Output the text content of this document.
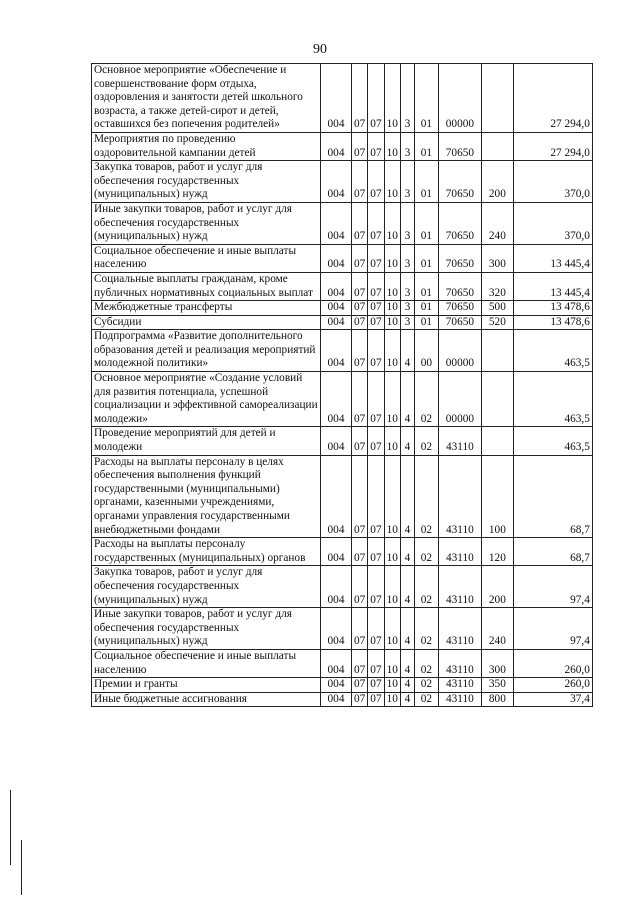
90
Основное мероприятие «Обеспечение и совершенствование форм отдыха, оздоровления и занятости детей школьного возраста, а также детей-сирот и детей, оставшихся без попечения родителей»	004	07	07	10	3	01	00000		27 294,0
Мероприятия по проведению оздоровительной кампании детей	004	07	07	10	3	01	70650		27 294,0
Закупка товаров, работ и услуг для обеспечения государственных (муниципальных) нужд	004	07	07	10	3	01	70650	200	370,0
Иные закупки товаров, работ и услуг для обеспечения государственных (муниципальных) нужд	004	07	07	10	3	01	70650	240	370,0
Социальное обеспечение и иные выплаты населению	004	07	07	10	3	01	70650	300	13 445,4
Социальные выплаты гражданам, кроме публичных нормативных социальных выплат	004	07	07	10	3	01	70650	320	13 445,4
Межбюджетные трансферты	004	07	07	10	3	01	70650	500	13 478,6
Субсидии	004	07	07	10	3	01	70650	520	13 478,6
Подпрограмма «Развитие дополнительного образования детей и реализация мероприятий молодежной политики»	004	07	07	10	4	00	00000		463,5
Основное мероприятие «Создание условий для развития потенциала, успешной социализации и эффективной самореализации молодежи»	004	07	07	10	4	02	00000		463,5
Проведение мероприятий для детей и молодежи	004	07	07	10	4	02	43110		463,5
Расходы на выплаты персоналу в целях обеспечения выполнения функций государственными (муниципальными) органами, казенными учреждениями, органами управления государственными внебюджетными фондами	004	07	07	10	4	02	43110	100	68,7
Расходы на выплаты персоналу государственных (муниципальных) органов	004	07	07	10	4	02	43110	120	68,7
Закупка товаров, работ и услуг для обеспечения государственных (муниципальных) нужд	004	07	07	10	4	02	43110	200	97,4
Иные закупки товаров, работ и услуг для обеспечения государственных (муниципальных) нужд	004	07	07	10	4	02	43110	240	97,4
Социальное обеспечение и иные выплаты населению	004	07	07	10	4	02	43110	300	260,0
Премии и гранты	004	07	07	10	4	02	43110	350	260,0
Иные бюджетные ассигнования	004	07	07	10	4	02	43110	800	37,4
